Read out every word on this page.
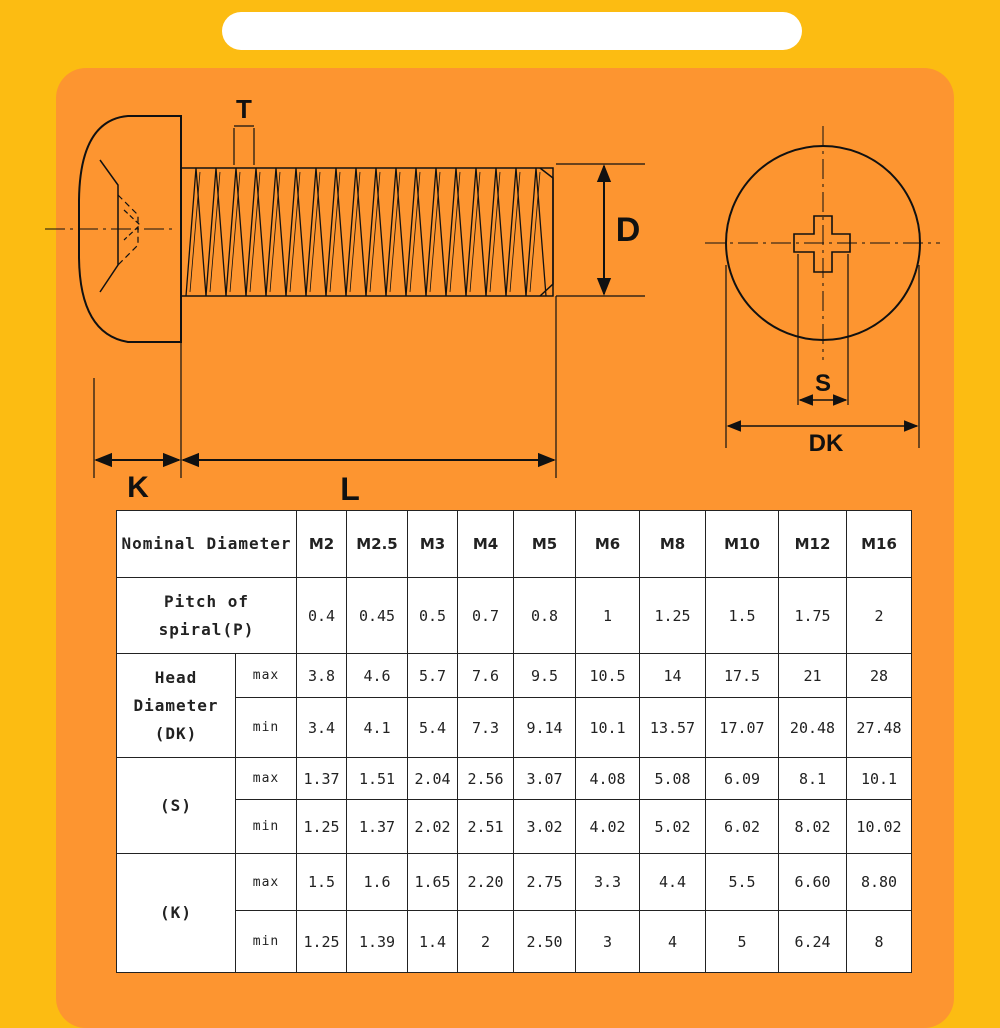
T
D
K	L
S
DK
Nominal Diameter		M2	M2.5	M3	M4	M5	M6	M8	M10	M12	M16
Pitch of spiral(P)		0.4	0.45	0.5	0.7	0.8	1	1.25	1.5	1.75	2
Head Diameter (DK)	max	3.8	4.6	5.7	7.6	9.5	10.5	14	17.5	21	28
	min	3.4	4.1	5.4	7.3	9.14	10.1	13.57	17.07	20.48	27.48
(S)	max	1.37	1.51	2.04	2.56	3.07	4.08	5.08	6.09	8.1	10.1
	min	1.25	1.37	2.02	2.51	3.02	4.02	5.02	6.02	8.02	10.02
(K)	max	1.5	1.6	1.65	2.20	2.75	3.3	4.4	5.5	6.60	8.80
	min	1.25	1.39	1.4	2	2.50	3	4	5	6.24	8
